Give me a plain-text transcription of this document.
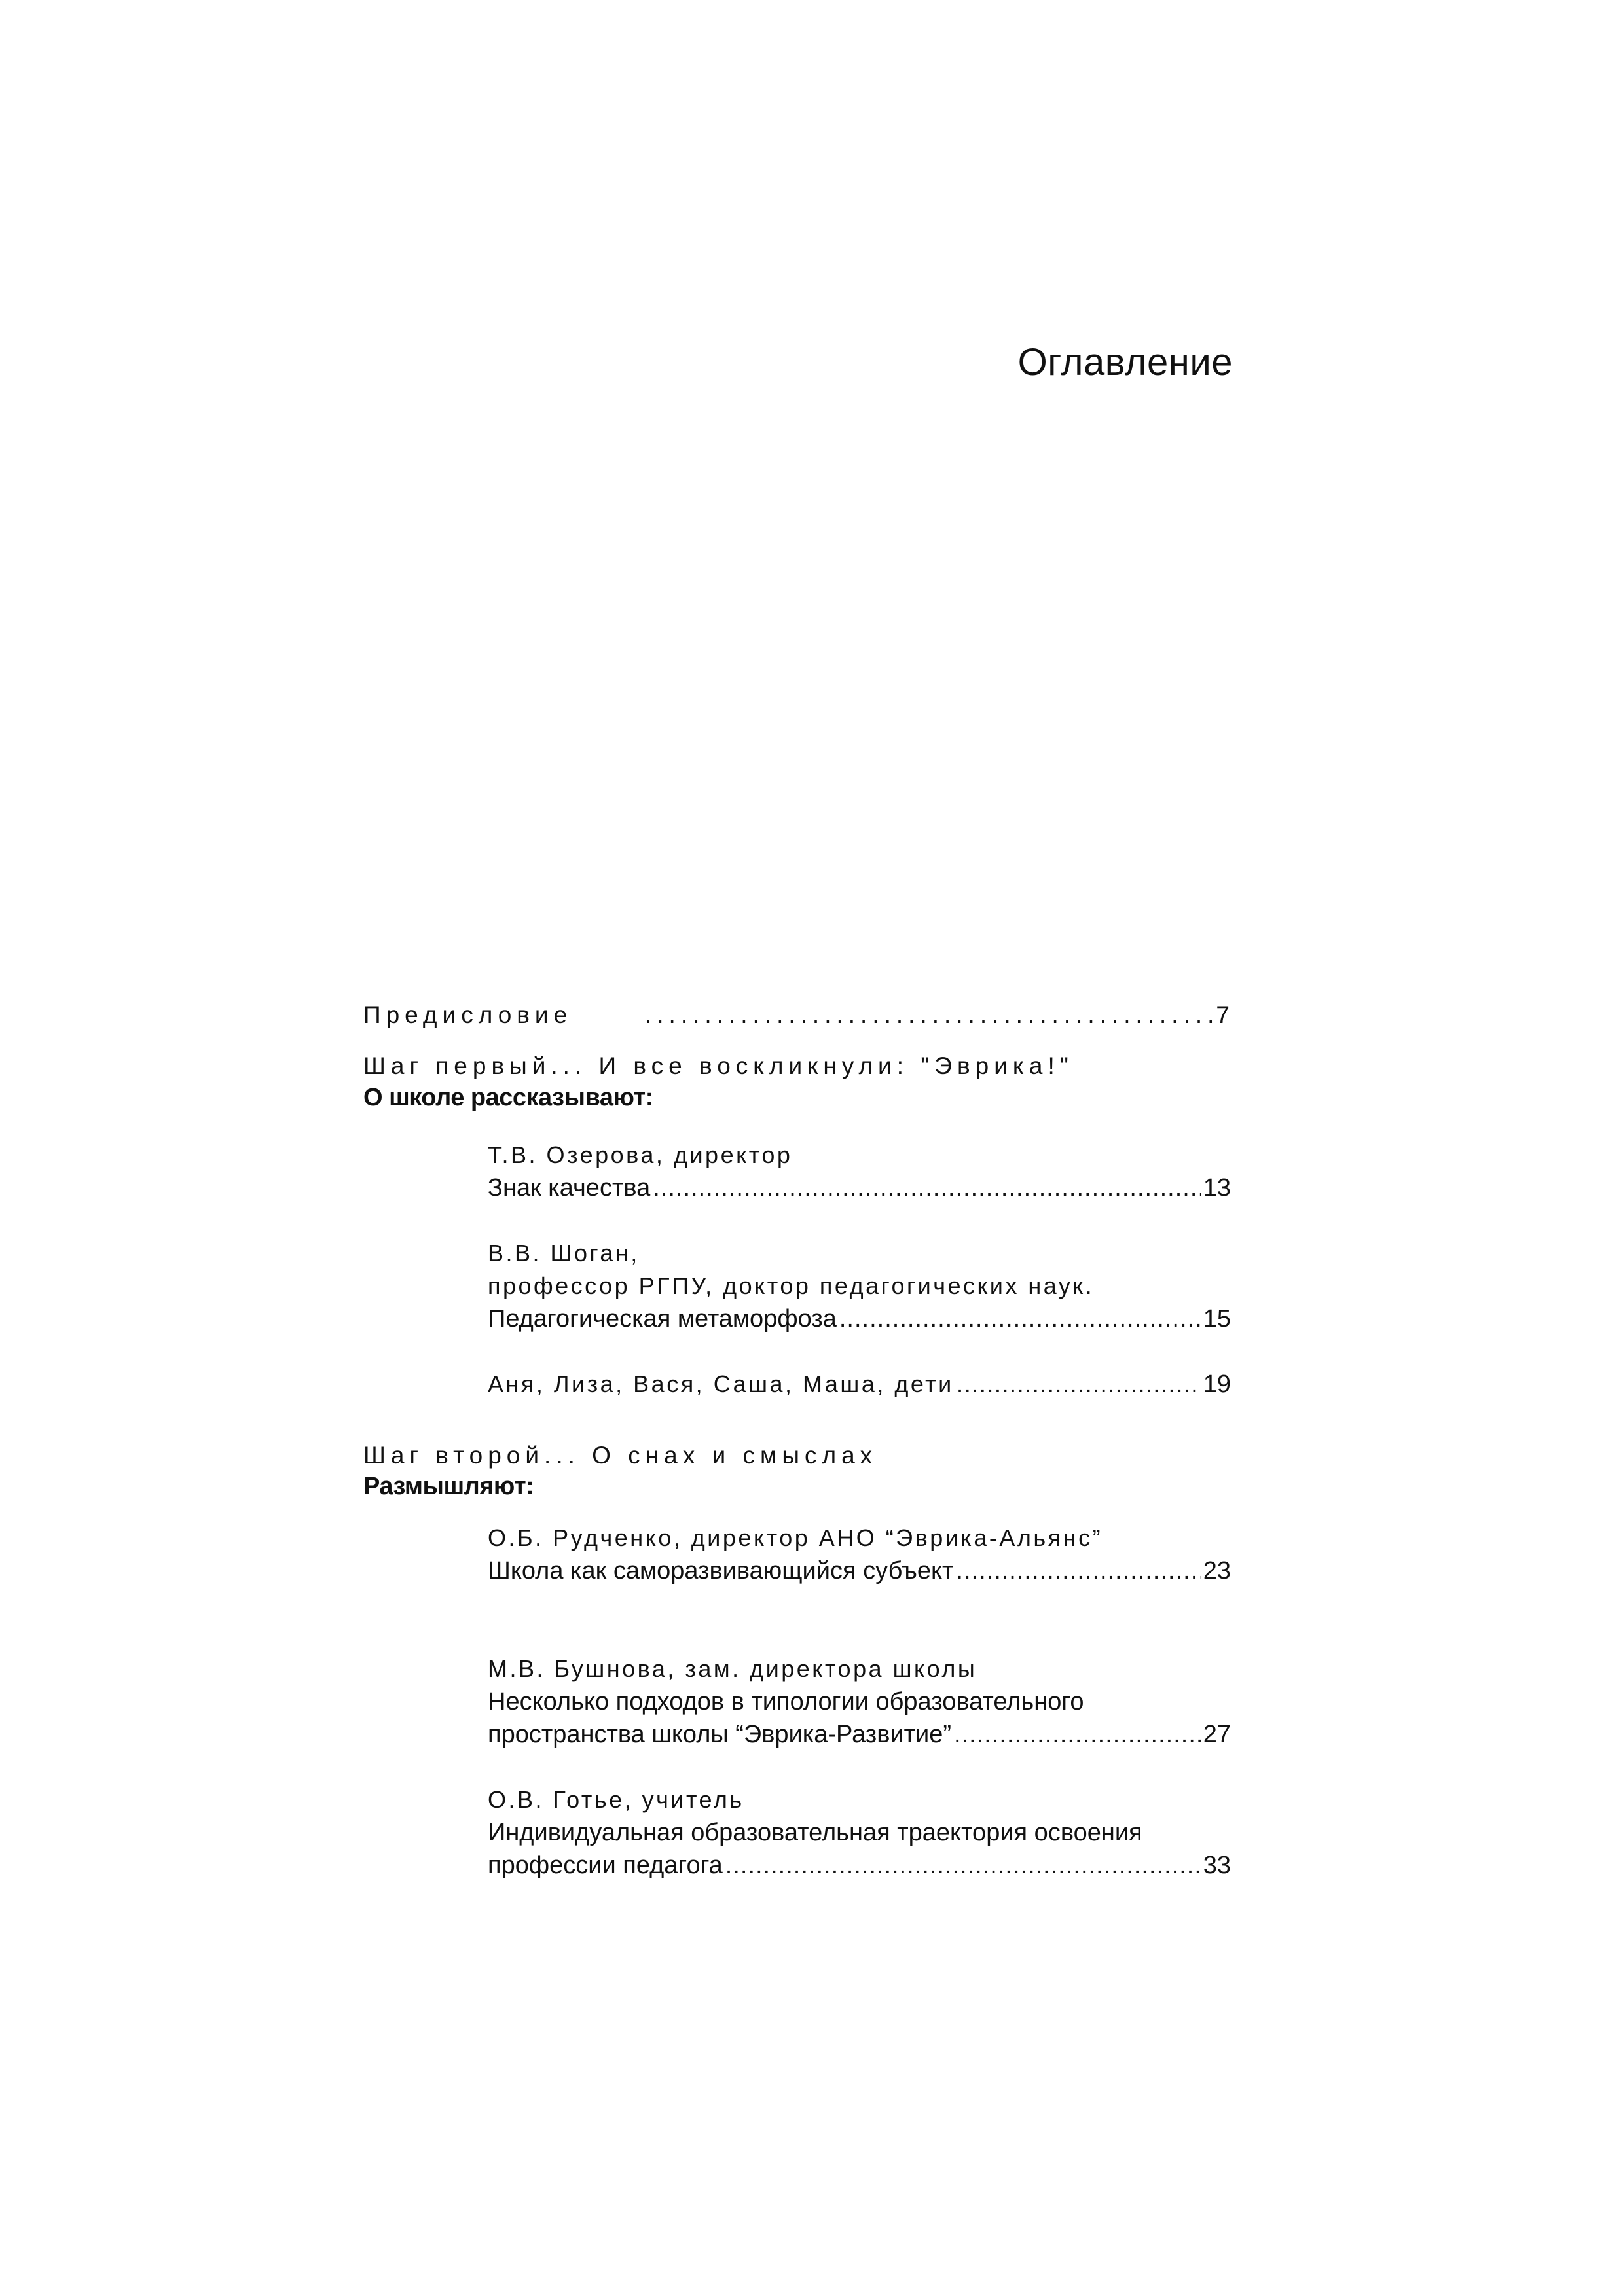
Оглавление
Предисловие .....	7
Шаг первый... И все воскликнули: "Эврика!"
О школе рассказывают:
Т.В. Озерова, директор
Знак качества .....	13
В.В. Шоган,
профессор РГПУ, доктор педагогических наук.
Педагогическая метаморфоза .....	15
Аня, Лиза, Вася, Саша, Маша, дети .....	19
Шаг второй... О снах и смыслах
Размышляют:
О.Б. Рудченко, директор АНО “Эврика-Альянс”
Школа как саморазвивающийся субъект .....	23
М.В. Бушнова, зам. директора школы
Несколько подходов в типологии образовательного
пространства школы “Эврика-Развитие” .....	27
О.В. Готье, учитель
Индивидуальная образовательная траектория освоения
профессии педагога .....	33
